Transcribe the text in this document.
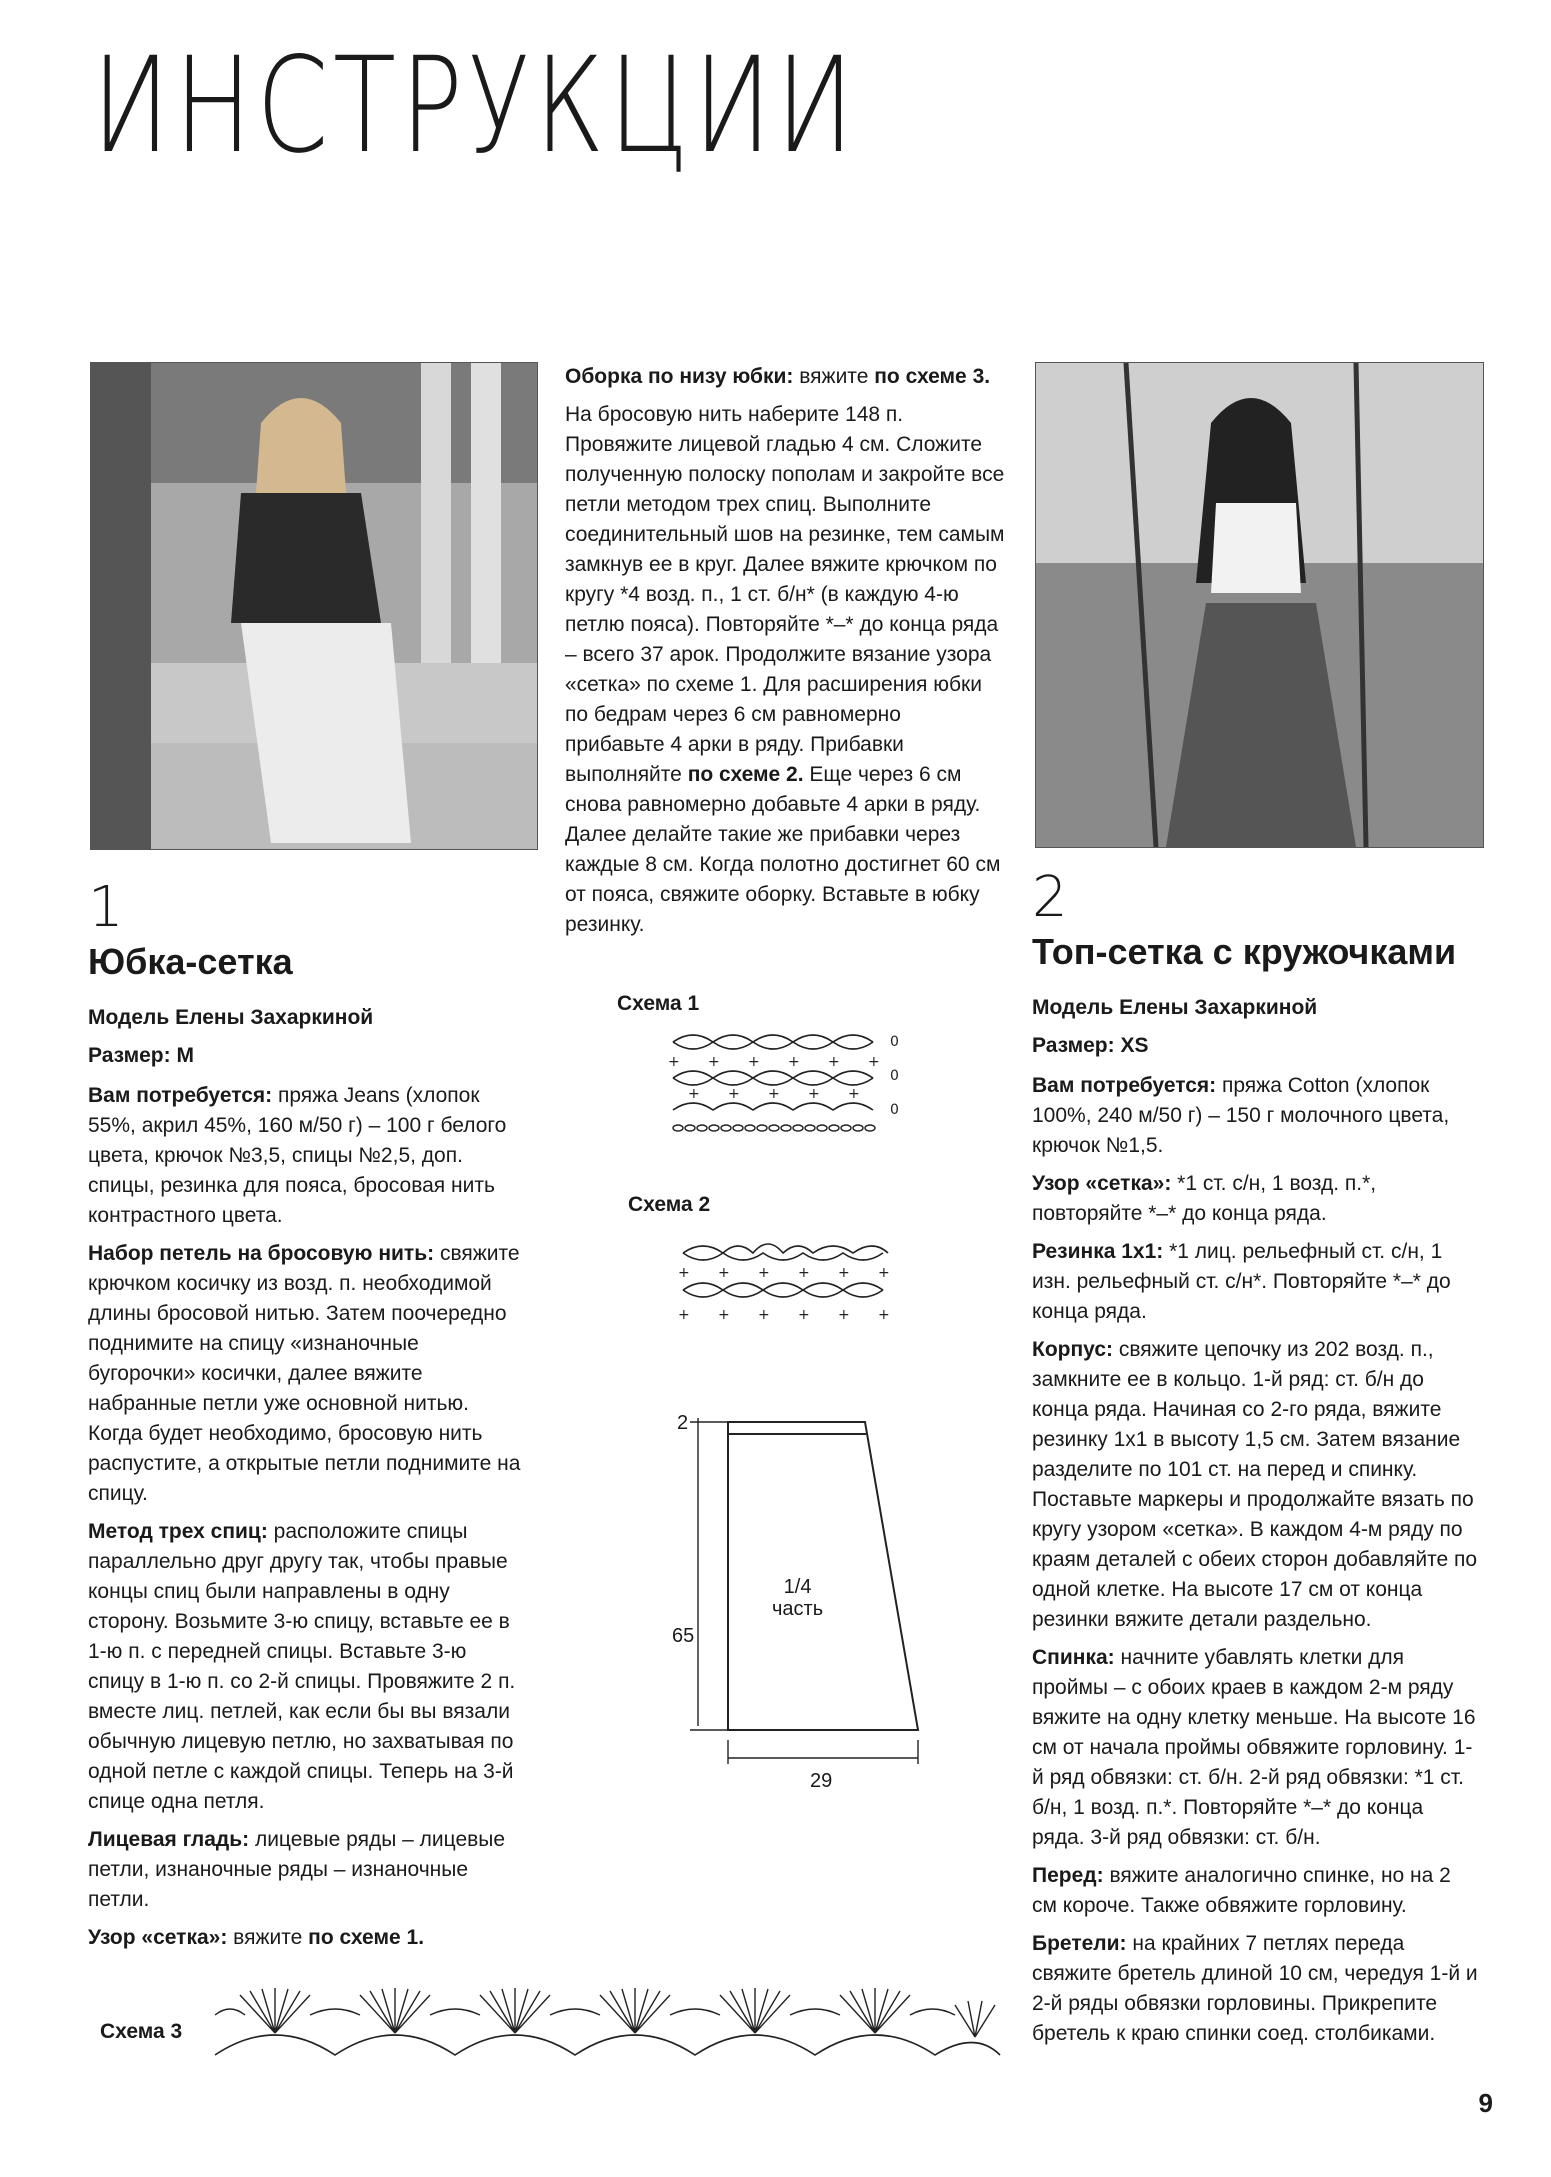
ИНСТРУКЦИИ
1
Юбка-сетка
Модель Елены Захаркиной
Размер: M

Вам потребуется: пряжа Jeans (хлопок 55%, акрил 45%, 160 м/50 г) – 100 г белого цвета, крючок №3,5, спицы №2,5, доп. спицы, резинка для пояса, бросовая нить контрастного цвета.

Набор петель на бросовую нить: свяжите крючком косичку из возд. п. необходимой длины бросовой нитью. Затем поочередно поднимите на спицу «изнаночные бугорочки» косички, далее вяжите набранные петли уже основной нитью. Когда будет необходимо, бросовую нить распустите, а открытые петли поднимите на спицу.

Метод трех спиц: расположите спицы параллельно друг другу так, чтобы правые концы спиц были направлены в одну сторону. Возьмите 3-ю спицу, вставьте ее в 1-ю п. с передней спицы. Вставьте 3-ю спицу в 1-ю п. со 2-й спицы. Провяжите 2 п. вместе лиц. петлей, как если бы вы вязали обычную лицевую петлю, но захватывая по одной петле с каждой спицы. Теперь на 3-й спице одна петля.

Лицевая гладь: лицевые ряды – лицевые петли, изнаночные ряды – изнаночные петли.

Узор «сетка»: вяжите по схеме 1.

Оборка по низу юбки: вяжите по схеме 3.

На бросовую нить наберите 148 п. Провяжите лицевой гладью 4 см. Сложите полученную полоску пополам и закройте все петли методом трех спиц. Выполните соединительный шов на резинке, тем самым замкнув ее в круг. Далее вяжите крючком по кругу *4 возд. п., 1 ст. б/н* (в каждую 4-ю петлю пояса). Повторяйте *–* до конца ряда – всего 37 арок. Продолжите вязание узора «сетка» по схеме 1. Для расширения юбки по бедрам через 6 см равномерно прибавьте 4 арки в ряду. Прибавки выполняйте по схеме 2. Еще через 6 см снова равномерно добавьте 4 арки в ряду. Далее делайте такие же прибавки через каждые 8 см. Когда полотно достигнет 60 см от пояса, свяжите оборку. Вставьте в юбку резинку.

Схема 1
+ + + + + +
+ + + + +
0
0
0
Схема 2
+ + + + + +
+ + + + + +
2
65
29
1/4
часть
Схема 3
2
Топ-сетка с кружочками
Модель Елены Захаркиной
Размер: XS

Вам потребуется: пряжа Cotton (хлопок 100%, 240 м/50 г) – 150 г молочного цвета, крючок №1,5.

Узор «сетка»: *1 ст. с/н, 1 возд. п.*, повторяйте *–* до конца ряда.

Резинка 1х1: *1 лиц. рельефный ст. с/н, 1 изн. рельефный ст. с/н*. Повторяйте *–* до конца ряда.

Корпус: свяжите цепочку из 202 возд. п., замкните ее в кольцо. 1-й ряд: ст. б/н до конца ряда. Начиная со 2-го ряда, вяжите резинку 1х1 в высоту 1,5 см. Затем вязание разделите по 101 ст. на перед и спинку. Поставьте маркеры и продолжайте вязать по кругу узором «сетка». В каждом 4-м ряду по краям деталей с обеих сторон добавляйте по одной клетке. На высоте 17 см от конца резинки вяжите детали раздельно.

Спинка: начните убавлять клетки для проймы – с обоих краев в каждом 2-м ряду вяжите на одну клетку меньше. На высоте 16 см от начала проймы обвяжите горловину. 1-й ряд обвязки: ст. б/н. 2-й ряд обвязки: *1 ст. б/н, 1 возд. п.*. Повторяйте *–* до конца ряда. 3-й ряд обвязки: ст. б/н.

Перед: вяжите аналогично спинке, но на 2 см короче. Также обвяжите горловину.

Бретели: на крайних 7 петлях переда свяжите бретель длиной 10 см, чередуя 1-й и 2-й ряды обвязки горловины. Прикрепите бретель к краю спинки соед. столбиками.

9
